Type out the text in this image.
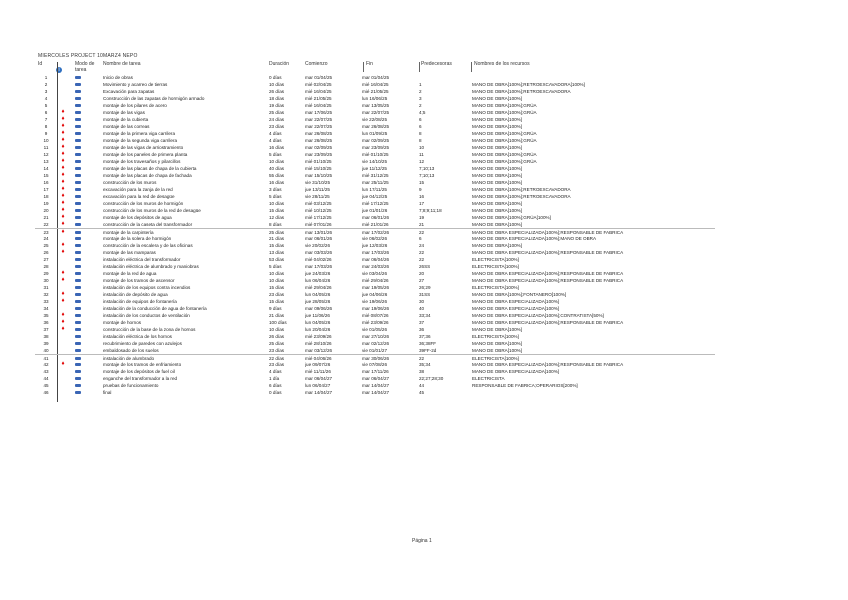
MIERCOLES PROJECT 10MARZ4 NEPO
Id
i
Modo de tarea
Nombre de tarea	Duración	Comienzo	Fin	Predecesoras	Nombres de los recursos
1	Inicio de obras	0 días	mar 01/04/25	mar 01/04/25
2	Movimiento y acarreo de tierras	10 días	mié 02/04/25	mié 16/04/25	1	MANO DE OBRA[100%];RETROEXCAVADORA[100%]
3	Excavación para zapatas	26 días	mié 16/04/25	mié 21/05/25	2	MANO DE OBRA[100%];RETROEXCAVADORA
4	Construcción de las zapatas de hormigón armado	18 días	mié 21/05/25	lun 16/06/25	3	MANO DE OBRA[100%]
5	montaje de los pilares de acero	19 días	mié 16/04/25	mar 13/05/25	2	MANO DE OBRA[100%];GRÚA
♦
6	montaje de las vigas	25 días	mar 17/06/25	mar 22/07/25	4;5	MANO DE OBRA[100%];GRÚA
♦
7	montaje de la cubierta	24 días	mar 22/07/25	vie 22/08/25	6	MANO DE OBRA[100%]
♦
8	montaje de las correas	23 días	mar 22/07/25	mar 26/08/25	6	MANO DE OBRA[100%]
♦
9	montaje de la primera viga carrilera	4 días	mar 26/08/25	lun 01/09/25	8	MANO DE OBRA[100%];GRÚA
♦
10	montaje de la segunda viga carrilera	4 días	mar 26/08/25	mar 02/09/25	8	MANO DE OBRA[100%];GRÚA
♦
11	montaje de las vigas de arriostramiento	16 días	mar 02/09/25	mar 23/09/25	10	MANO DE OBRA[100%]
♦
12	montaje de los paneles de primera planta	5 días	mar 23/09/25	mié 01/10/25	11	MANO DE OBRA[100%];GRÚA
♦
13	montaje de los travesaños y pilarcillos	10 días	mié 01/10/25	vie 14/10/25	12	MANO DE OBRA[100%];GRÚA
♦
14	montaje de las placas de chapa de la cubierta	40 días	mié 15/10/25	jue 11/12/25	7;10;13	MANO DE OBRA[100%]
♦
15	montaje de las placas de chapa de fachada	55 días	mar 15/10/25	mié 31/12/25	7;10;13	MANO DE OBRA[100%]
♦
16	construcción de los muros	16 días	vie 31/10/25	mar 25/11/25	15	MANO DE OBRA[100%]
♦
17	excavación para la zanja de la red	3 días	jue 13/11/25	lun 17/11/25	9	MANO DE OBRA[100%];RETROEXCAVADORA
♦
18	excavación para la red de desagüe	5 días	vie 28/11/25	jue 04/12/25	16	MANO DE OBRA[100%];RETROEXCAVADORA
♦
19	construcción de los muros de hormigón	10 días	mié 03/12/25	mié 17/12/25	17	MANO DE OBRA[100%]
♦
20	construcción de los muros de la red de desagüe	15 días	mié 10/12/25	jue 01/01/26	7;8;9;11;18	MANO DE OBRA[100%]
♦
21	montaje de los depósitos de agua	12 días	mié 17/12/25	mar 06/01/26	19	MANO DE OBRA[100%];GRÚA[100%]
♦
22	construcción de la caseta del transformador	8 días	mié 07/01/26	mié 21/01/26	21	MANO DE OBRA[100%]
♦
23	montaje de la carpintería	25 días	mar 13/01/26	mar 17/02/26	22	MANO DE OBRA ESPECIALIZADA[100%];RESPONSABLE DE FABRICA
24	montaje de la solera de hormigón	21 días	mar 06/01/26	vie 06/02/26	6	MANO DE OBRA ESPECIALIZADA[100%];MANO DE OBRA
♦
25	construcción de la escalera y de las oficinas	15 días	vie 20/02/26	jue 12/03/26	24	MANO DE OBRA[100%]
♦
26	montaje de las mamparas	13 días	mar 03/03/26	mar 17/03/26	22	MANO DE OBRA ESPECIALIZADA[100%];RESPONSABLE DE FABRICA
27	instalación eléctrica del transformador	53 días	mié 04/02/26	mar 06/04/26	22	ELECTRICISTA[100%]
28	instalación eléctrica de alumbrado y maniobras	5 días	mar 17/03/26	mar 24/03/26	26SS	ELECTRICISTA[100%]
♦
29	montaje de la red de agua	10 días	jue 24/03/26	vie 03/04/26	20	MANO DE OBRA ESPECIALIZADA[100%];RESPONSABLE DE FABRICA
♦
30	montaje de los tramos de ascensor	10 días	lun 06/04/26	mié 29/04/26	27	MANO DE OBRA ESPECIALIZADA[100%];RESPONSABLE DE FABRICA
31	instalación de los equipos contra incendios	15 días	mié 29/04/26	mar 19/05/26	26;29	ELECTRICISTA[100%]
♦
32	instalación de depósito de agua	23 días	lun 04/05/26	jue 04/06/26	31SS	MANO DE OBRA[100%];FONTANERO[100%]
♦
33	instalación de equipos de fontanería	15 días	jue 28/05/26	vie 19/06/26	30	MANO DE OBRA ESPECIALIZADA[100%]
34	instalación de la conducción de agua de fontanería	9 días	mar 09/06/26	mar 19/06/26	40	MANO DE OBRA ESPECIALIZADA[100%]
♦
35	instalación de los conductos de ventilación	21 días	jue 11/06/26	mié 08/07/26	33;34	MANO DE OBRA ESPECIALIZADA[100%];CONTRATISTA[50%]
♦
36	montaje de hornos	100 días	lun 04/05/26	mié 23/09/26	37	MANO DE OBRA ESPECIALIZADA[100%];RESPONSABLE DE FABRICA
♦
37	construcción de la base de la zona de hornos	10 días	lun 20/04/26	vie 01/05/26	36	MANO DE OBRA[100%]
38	instalación eléctrica de los hornos	26 días	mié 23/09/26	mar 27/10/26	37;36	ELECTRICISTA[100%]
39	recubrimiento de paredes con azulejos	25 días	mié 28/10/26	mar 02/12/26	36;38FF	MANO DE OBRA[100%]
40	embaldosado de los suelos	23 días	mar 03/12/26	vie 01/01/27	39FF-2d	MANO DE OBRA[100%]
41	instalación de alumbrado	22 días	mié 04/06/26	mar 30/06/26	22	ELECTRICISTA[100%]
♦
42	montaje de los tramos de enfriamiento	23 días	jue 09/07/26	vie 07/08/26	35;34	MANO DE OBRA ESPECIALIZADA[100%];RESPONSABLE DE FABRICA
43	montaje de los depósitos de fuel oil	4 días	mié 11/11/26	mar 17/11/26	38	MANO DE OBRA ESPECIALIZADA[100%]
44	enganche del transformador a la red	1 día	mar 06/04/27	mar 06/04/27	22;27;28;30	ELECTRICISTA
45	pruebas de funcionamiento	6 días	lun 06/04/27	mar 14/04/27	44	RESPONSABLE DE FABRICA;OPERARIOS[200%]
46	final	0 días	mar 14/04/27	mar 14/04/27	45
Página 1
